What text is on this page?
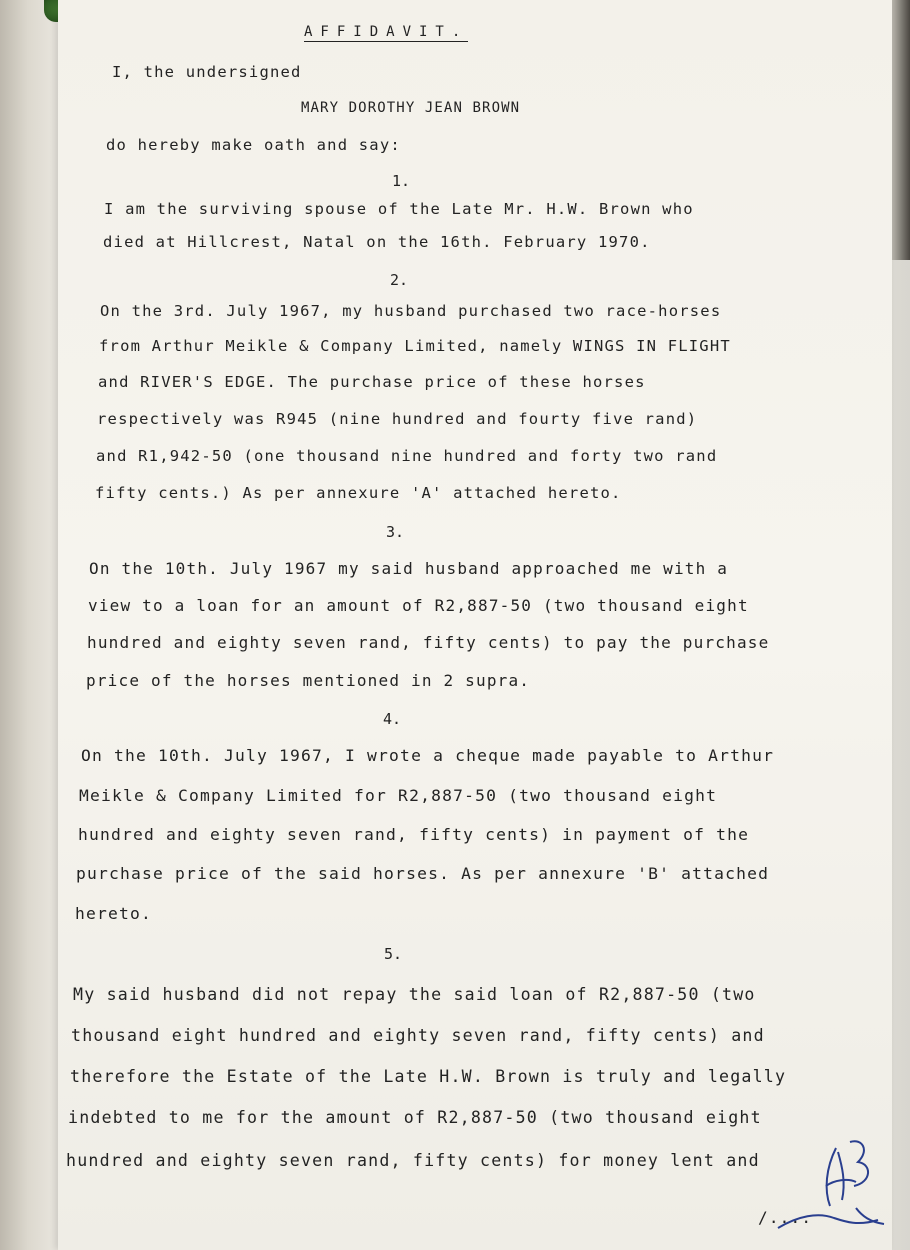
AFFIDAVIT.
I, the undersigned
MARY DOROTHY JEAN BROWN
do hereby make oath and say:
1.
I am the surviving spouse of the Late Mr. H.W. Brown who
died at Hillcrest, Natal on the 16th. February 1970.
2.
On the 3rd. July 1967, my husband purchased two race-horses
from Arthur Meikle & Company Limited, namely WINGS IN FLIGHT
and RIVER'S EDGE. The purchase price of these horses
respectively was R945 (nine hundred and fourty five rand)
and R1,942-50 (one thousand nine hundred and forty two rand
fifty cents.) As per annexure 'A' attached hereto.
3.
On the 10th. July 1967 my said husband approached me with a
view to a loan for an amount of R2,887-50 (two thousand eight
hundred and eighty seven rand, fifty cents) to pay the purchase
price of the horses mentioned in 2 supra.
4.
On the 10th. July 1967, I wrote a cheque made payable to Arthur
Meikle & Company Limited for R2,887-50 (two thousand eight
hundred and eighty seven rand, fifty cents) in payment of the
purchase price of the said horses. As per annexure 'B' attached
hereto.
5.
My said husband did not repay the said loan of R2,887-50 (two
thousand eight hundred and eighty seven rand, fifty cents) and
therefore the Estate of the Late H.W. Brown is truly and legally
indebted to me for the amount of R2,887-50 (two thousand eight
hundred and eighty seven rand, fifty cents) for money lent and
/....
